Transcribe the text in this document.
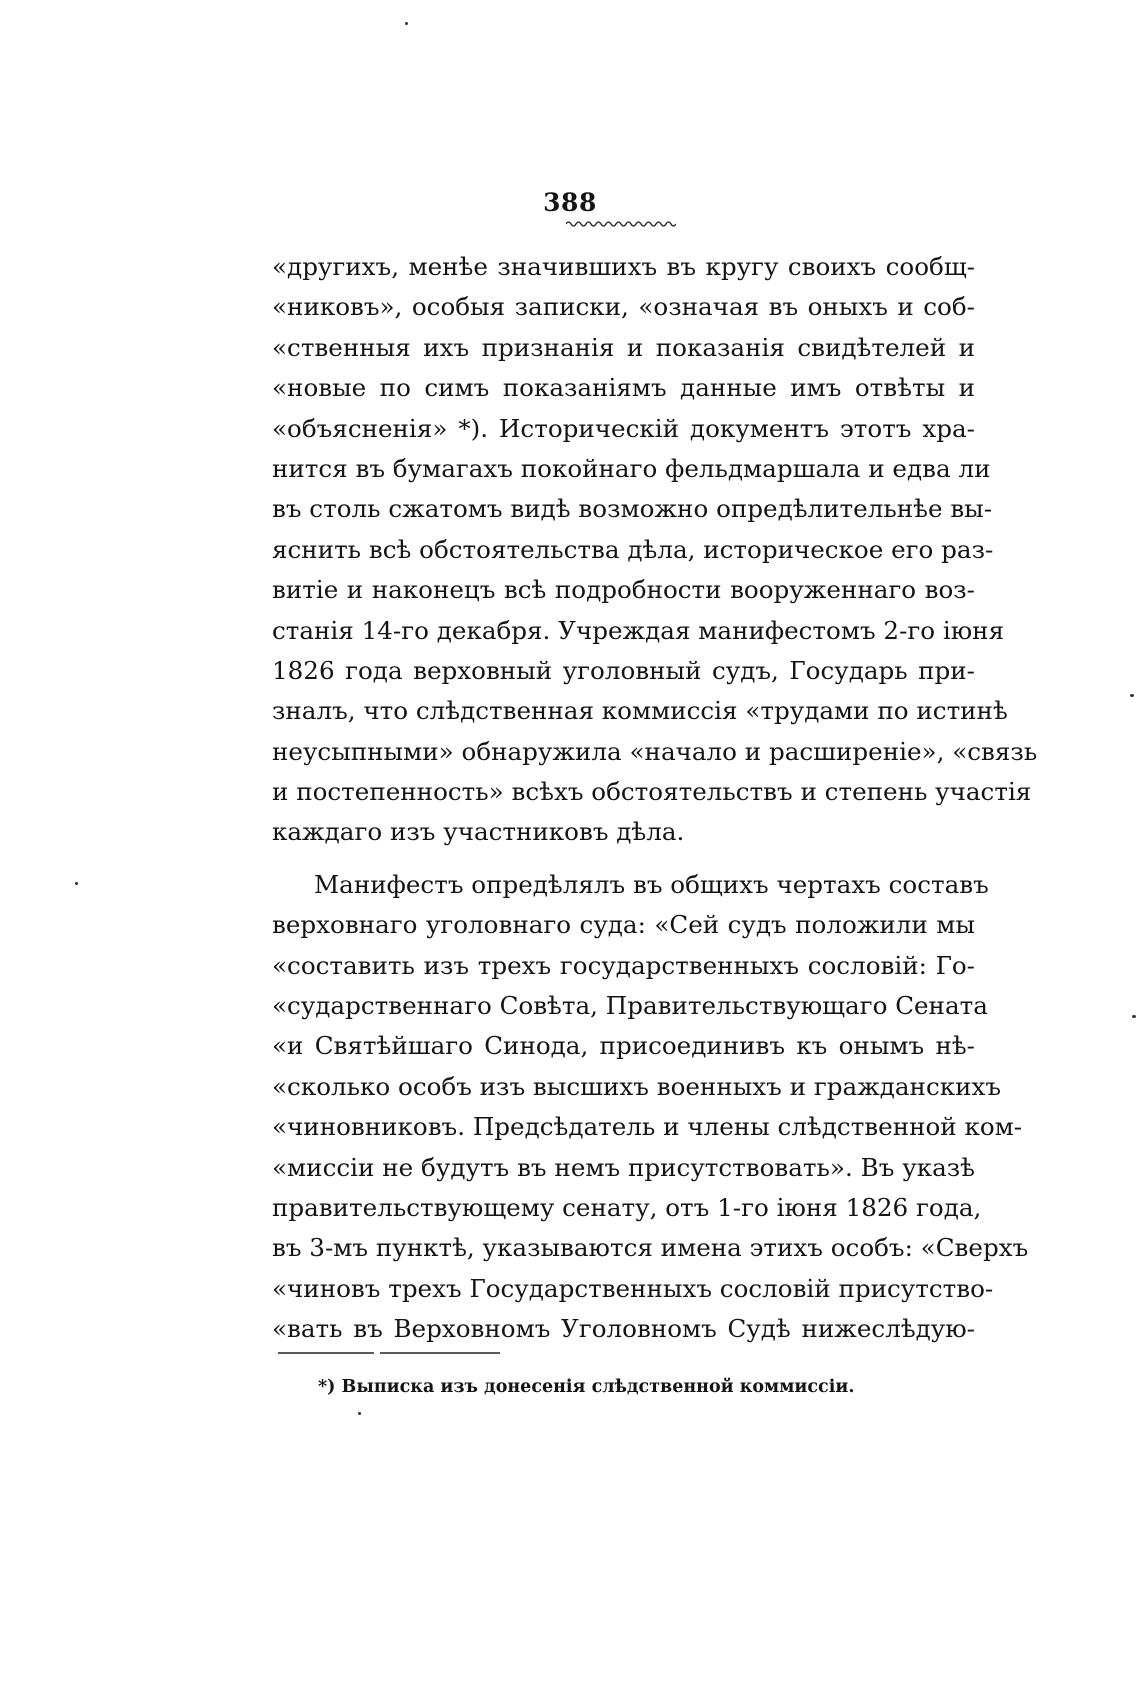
388
«другихъ, менѣе значившихъ въ кругу своихъ сообщ-
«никовъ», особыя записки, «означая въ оныхъ и соб-
«ственныя ихъ признанія и показанія свидѣтелей и
«новые по симъ показаніямъ данные имъ отвѣты и
«объясненія» *). Историческій документъ этотъ хра-
нится въ бумагахъ покойнаго фельдмаршала и едва ли
въ столь сжатомъ видѣ возможно опредѣлительнѣе вы-
яснить всѣ обстоятельства дѣла, историческое его раз-
витіе и наконецъ всѣ подробности вооруженнаго воз-
станія 14-го декабря. Учреждая манифестомъ 2-го іюня
1826 года верховный уголовный судъ, Государь при-
зналъ, что слѣдственная коммиссія «трудами по истинѣ
неусыпными» обнаружила «начало и расширеніе», «связь
и постепенность» всѣхъ обстоятельствъ и степень участія
каждаго изъ участниковъ дѣла.
Манифестъ опредѣлялъ въ общихъ чертахъ составъ
верховнаго уголовнаго суда: «Сей судъ положили мы
«составить изъ трехъ государственныхъ сословій: Го-
«сударственнаго Совѣта, Правительствующаго Сената
«и Святѣйшаго Синода, присоединивъ къ онымъ нѣ-
«сколько особъ изъ высшихъ военныхъ и гражданскихъ
«чиновниковъ. Предсѣдатель и члены слѣдственной ком-
«миссіи не будутъ въ немъ присутствовать». Въ указѣ
правительствующему сенату, отъ 1-го іюня 1826 года,
въ 3-мъ пунктѣ, указываются имена этихъ особъ: «Сверхъ
«чиновъ трехъ Государственныхъ сословій присутство-
«вать въ Верховномъ Уголовномъ Судѣ нижеслѣдую-
*) Выписка изъ донесенія слѣдственной коммиссіи.
